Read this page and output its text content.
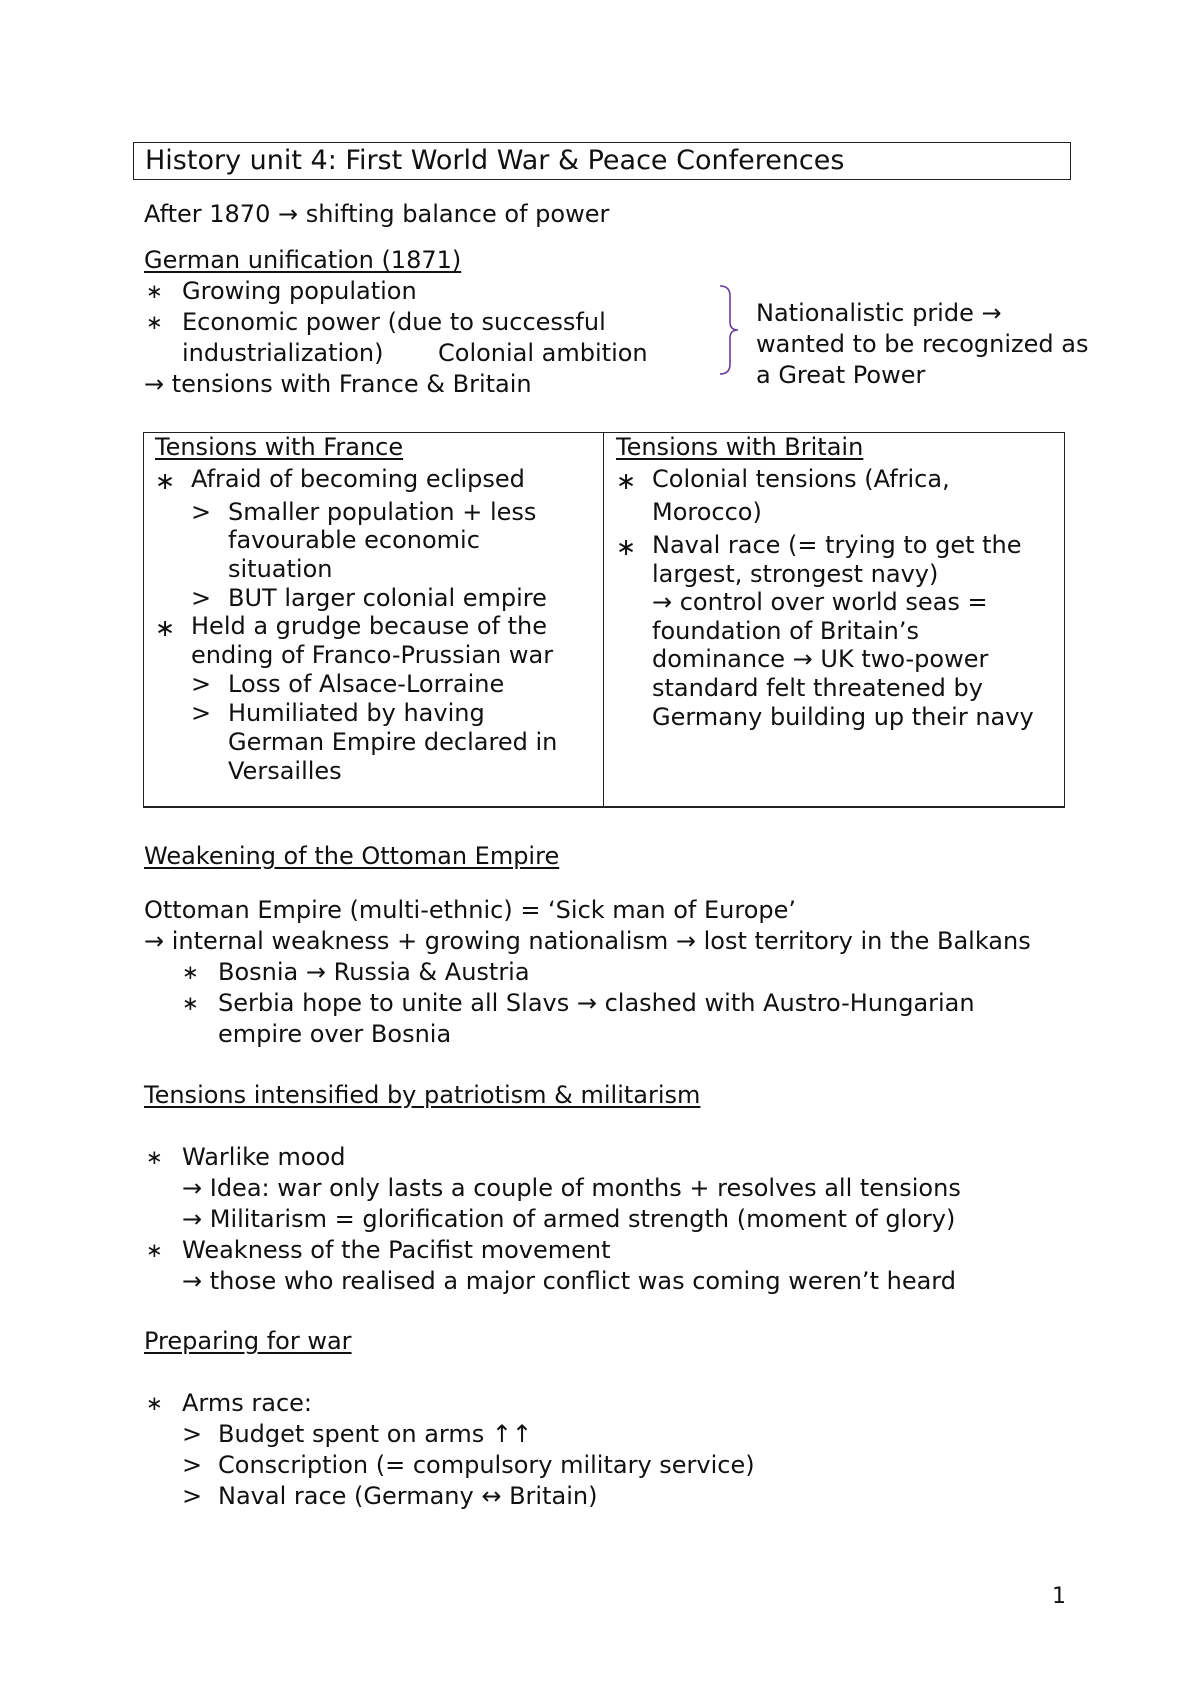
History unit 4: First World War & Peace Conferences
After 1870 → shifting balance of power
German unification (1871)
∗ Growing population
∗ Economic power (due to successful
industrialization) Colonial ambition
→ tensions with France & Britain
Nationalistic pride →
wanted to be recognized as
a Great Power
Tensions with France
∗ Afraid of becoming eclipsed
> Smaller population + less
favourable economic
situation
> BUT larger colonial empire
∗ Held a grudge because of the
ending of Franco-Prussian war
> Loss of Alsace-Lorraine
> Humiliated by having
German Empire declared in
Versailles
Tensions with Britain
∗ Colonial tensions (Africa,
Morocco)
∗ Naval race (= trying to get the
largest, strongest navy)
→ control over world seas =
foundation of Britain’s
dominance → UK two-power
standard felt threatened by
Germany building up their navy
Weakening of the Ottoman Empire
Ottoman Empire (multi-ethnic) = ‘Sick man of Europe’
→ internal weakness + growing nationalism → lost territory in the Balkans
∗ Bosnia → Russia & Austria
∗ Serbia hope to unite all Slavs → clashed with Austro-Hungarian
empire over Bosnia
Tensions intensified by patriotism & militarism
∗ Warlike mood
→ Idea: war only lasts a couple of months + resolves all tensions
→ Militarism = glorification of armed strength (moment of glory)
∗ Weakness of the Pacifist movement
→ those who realised a major conflict was coming weren’t heard
Preparing for war
∗ Arms race:
> Budget spent on arms ↑↑
> Conscription (= compulsory military service)
> Naval race (Germany ↔ Britain)
1
